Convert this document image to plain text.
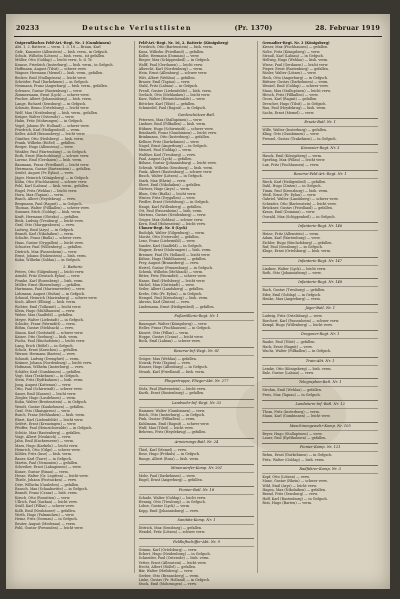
20233	Deutsche Verlustlisten	(Pr. 1370)	28. Februar 1919
Ostpreußisches Feld-Art.-Regt. Nr. 1 (Gumbinnen)
Abt. 1, 2. Batterie — verm. 1. 3. 18 — Braun, Karl
Gefr., Kanonier (Allenstein) — bish. verm., in Gefgsch.
Schulz, Wilhelm (Lötzen) — bish. verm., ist gefallen.
Müller, Otto (Goldap) — leicht verw., b. d. Tr.
Krause, Friedrich (Insterburg) — bish. verm., in Gefgsch.
Hoffmann, August (Tilsit) — schwer verw.
Wagner, Hermann (Memel) — bish. verm., gefallen.
Becker, Emil (Stallupönen) — leicht verw.
Schröder, Paul (Darkehmen) — in Gefgsch.
Neumann, Franz (Angerburg) — bish. verm., gefallen.
Schwarz, Gustav (Rastenburg) — verw.
Zimmermann, Ernst (Lyck) — schwer verw.
Fischer, Albert (Johannisburg) — bish. verm.
Lange, Richard (Sensburg) — in Gefgsch.
Schmitz, Bruno (Ortelsburg) — leicht verw.
Wolf, Max (Neidenburg) — bish. verm., gefallen.
Krüger, Walter (Osterode) — verw.
Hahn, Fritz (Mohrungen) — in Gefgsch.
Vogel, Johann (Pr. Holland) — schwer verw.
Friedrich, Karl (Heiligenbeil) — verm.
Keller, Adolf (Braunsberg) — leicht verw.
Günther, Otto (Heilsberg) — bish. verm.
Frank, Wilhelm (Rößel) — gefallen.
Berger, Hugo (Allenstein) — verw.
Winkler, Paul (Wartenburg) — in Gefgsch.
Roth, Ernst (Bischofsburg) — schwer verw.
Lorenz, Emil (Gerdauen) — bish. verm.
Baumann, Franz (Friedland) — leicht verw.
Herrmann, Gustav (Bartenstein) — gefallen.
Seidel, August (Pr. Eylau) — verw.
Jäger, Heinrich (Königsberg) — in Gefgsch.
Kühn, Otto (Fischhausen) — schwer verw.
Pohl, Karl (Labiau) — bish. verm., gefallen.
Engel, Fritz (Wehlau) — leicht verw.
Horn, Max (Tapiau) — verm.
Busch, Albert (Heydekrug) — verw.
Bergmann, Paul (Ragnit) — in Gefgsch.
Thomas, Walter (Pillkallen) — schwer verw.
Sommer, Erich (Goldap) — bish. verm.
Kraft, Hermann (Oletzko) — gefallen.
Beck, Ludwig (Treuburg) — leicht verw.
Graf, Otto (Marggrabowa) — verw.
Ludwig, Emil (Arys) — in Gefgsch.
Brandt, Karl (Nikolaiken) — verm.
Schulte, Franz (Bialla) — schwer verw.
Haas, Gustav (Drygallen) — leicht verw.
Schuster, Paul (Willenberg) — gefallen.
Dietrich, Max (Passenheim) — verw.
Ernst, Johann (Hohenstein) — bish. verm.
Kuhn, Wilhelm (Soldau) — in Gefgsch.
2. Batterie
Peters, Otto (Gilgenburg) — leicht verw.
Arnold, Fritz (Deutsch Eylau) — verw.
Franke, Karl (Rosenberg) — bish. verm.
Möller, Ernst (Riesenburg) — gefallen.
Hartmann, Paul (Marienwerder) — verw.
Lehmann, August (Stuhm) — in Gefgsch.
Schmid, Heinrich (Marienburg) — schwer verw.
Koch, Albert (Elbing) — bish. verm.
Richter, Emil (Tolkemit) — leicht verw.
Klein, Hugo (Mühlhausen) — verw.
Weber, Max (Saalfeld) — gefallen.
Meyer, Walter (Liebstadt) — in Gefgsch.
Schulze, Franz (Wormditt) — verm.
Böhm, Gustav (Mehlsack) — verw.
Simon, Karl (Guttstadt) — schwer verw.
Kaiser, Otto (Seeburg) — bish. verm.
Fuchs, Paul (Bischofstein) — leicht verw.
Lang, Erich (Rößel) — in Gefgsch.
Scholz, Ernst (Korschen) — gefallen.
Werner, Hermann (Barten) — verw.
Schmitt, Ludwig (Drengfurt) — verm.
Krämer, Johann (Nordenburg) — leicht verw.
Hofmann, Wilhelm (Insterburg) — verw.
Schäfer, Karl (Gumbinnen) — gefallen.
Vogt, Max (Trakehnen) — in Gefgsch.
Stein, Fritz (Eydtkuhnen) — bish. verm.
Jung, August (Kattenau) — verw.
Otto, Paul (Schirwindt) — schwer verw.
Sauer, Emil (Kussen) — leicht verw.
Ziegler, Hugo (Lasdehnen) — verm.
Kuhn, Walter (Breitenstein) — in Gefgsch.
Wendt, Gustav (Kaukehmen) — gefallen.
Graf, Otto (Skaisgirren) — verw.
Busch, Franz (Mehlauken) — bish. verm.
Ebert, Karl (Liebenfelde) — leicht verw.
Seifert, Ernst (Kreuzingen) — verw.
Pfeiffer, Paul (Heinrichswalde) — in Gefgsch.
Schütz, Max (Rautenberg) — gefallen.
Voigt, Albert (Neukirch) — verw.
Jahn, Emil (Kuckerneese) — verm.
Marx, Hugo (Karkeln) — leicht verw.
Heinrich, Otto (Gilge) — schwer verw.
Köhler, Fritz (Inse) — bish. verm.
Bauer, Karl (Tawe) — in Gefgsch.
Martin, Paul (Nemonien) — gefallen.
Schreiber, Ernst (Labagienen) — verw.
Kunze, Gustav (Rinau) — verm.
Hesse, Walter (Gr. Legitten) — leicht verw.
Thiele, Johann (Postnicken) — verw.
Dörr, Wilhelm (Gauleden) — gefallen.
Rausch, Max (Schaaksvitte) — in Gefgsch.
Brandt, Franz (Cranz) — bish. verm.
Kirsch, Otto (Rossitten) — verw.
Ullrich, Paul (Sarkau) — leicht verw.
Seidl, Karl (Pillau) — schwer verw.
Kolb, Emil (Neuhäuser) — gefallen.
Wirth, Hugo (Palmnicken) — verw.
Heinz, Fritz (Germau) — in Gefgsch.
Reuter, August (Medenau) — verm.
Pohl, Gustav (Powunden) — leicht verw.
Feld-Art.-Regt. Nr. 16, 2. Batterie (Königsberg)
Friedrich, Otto (Bartenstein) — bish. verm.
Kunz, Wilhelm (Friedland) — gefallen.
Kolbe, Hermann (Domnau) — verw.
Rieger, Max (Schippenbeil) — in Gefgsch.
Wolff, Paul (Gerdauen) — leicht verw.
Albrecht, Karl (Nordenburg) — verm.
Hein, Ernst (Allenburg) — schwer verw.
Witt, Albert (Wehlau) — gefallen.
Brauer, Emil (Tapiau) — verw.
Stahl, Fritz (Labiau) — in Gefgsch.
Preuß, Gustav (Liebenfelde) — bish. verm.
Gerlach, Otto (Mehlauken) — leicht verw.
Kurz, Walter (Heinrichswalde) — verw.
Böttcher, Karl (Tilsit) — gefallen.
Schmiedel, Paul (Ragnit) — in Gefgsch.
Gardeschützen-Batl.
Petersen, Max (Stallupönen) — verw.
Lindner, Emil (Pillkallen) — bish. verm.
Hübner, Hugo (Schirwindt) — schwer verw.
Reinhardt, Franz (Gumbinnen) — leicht verw.
Brinkmann, Otto (Insterburg) — gefallen.
Kellner, Fritz (Darkehmen) — verw.
Nagel, Ernst (Angerburg) — in Gefgsch.
Menzel, Paul (Goldap) — verm.
Walther, Karl (Treuburg) — verw.
Paul, August (Lyck) — gefallen.
Böhme, Gustav (Johannisburg) — leicht verw.
Schwab, Wilhelm (Sensburg) — bish. verm.
Funk, Albert (Rastenburg) — schwer verw.
Busch, Walter (Lötzen) — in Gefgsch.
Stark, Max (Rhein) — verw.
Ebert, Emil (Nikolaiken) — gefallen.
Gärtner, Hugo (Arys) — verm.
Blum, Otto (Bialla) — leicht verw.
Winter, Fritz (Drygallen) — verw.
Fiedler, Ernst (Ortelsburg) — in Gefgsch.
Haupt, Karl (Willenberg) — gefallen.
Ott, Paul (Passenheim) — bish. verm.
Mertens, Gustav (Neidenburg) — verw.
Geiger, Max (Soldau) — schwer verw.
Kern, Emil (Hohenstein) — leicht verw.
Ulanen-Regt. Nr. 8 (Lyck)
Rudolph, Walter (Gilgenburg) — verm.
Moritz, Otto (Osterode) — gefallen.
Lenz, Franz (Liebemühl) — verw.
Sander, Karl (Saalfeld) — in Gefgsch.
Wagner, Ernst (Mohrungen) — bish. verm.
Brenner, Paul (Pr. Holland) — leicht verw.
Kühne, Hugo (Mühlhausen) — gefallen.
Frey, August (Braunsberg) — verw.
Hertel, Gustav (Frauenburg) — in Gefgsch.
Schenk, Wilhelm (Mehlsack) — verm.
Ritter, Fritz (Wormditt) — schwer verw.
Haase, Emil (Heilsberg) — leicht verw.
Michel, Max (Guttstadt) — verw.
Seiler, Albert (Landsberg) — gefallen.
Krebs, Otto (Pr. Eylau) — in Gefgsch.
Hempel, Paul (Kreuzburg) — bish. verm.
Ahrens, Karl (Zinten) — verw.
Lindemann, Ernst (Heiligenbeil) — gefallen.
Fußartillerie-Regt. Nr. 1
Baumgart, Walter (Königsberg) — verw.
Heller, Franz (Fischhausen) — in Gefgsch.
Kunert, Otto (Pillau) — verm.
Hoppe, Gustav (Cranz) — leicht verw.
Bock, Emil (Labiau) — schwer verw.
Reserve-Inf.-Regt. Nr. 81
Gröger, Max (Wehlau) — gefallen.
Nowak, Fritz (Tapiau) — verw.
Hauser, Hugo (Allenburg) — in Gefgsch.
Straub, Karl (Friedland) — bish. verm.
Fliegertruppe, Flieger-Abt. Nr. 277
Stolz, Paul (Bartenstein) — leicht verw.
Kurth, Ernst (Rastenburg) — gefallen.
Landwehr-Inf.-Regt. Nr. 33
Hammer, Walter (Gumbinnen) — verw.
Reich, Otto (Insterburg) — in Gefgsch.
Fink, Gustav (Pillkallen) — verm.
Kuhlmann, Emil (Ragnit) — schwer verw.
Wulf, Max (Tilsit) — leicht verw.
Behrens, Fritz (Heydekrug) — gefallen.
Armierungs-Batl. Nr. 24
Thiel, Karl (Memel) — verw.
Rose, Hugo (Prökuls) — in Gefgsch.
Runge, Albert (Russ) — bish. verm.
Minenwerfer-Komp. Nr. 201
Mohr, Paul (Darkehmen) — verw.
Engel, Ernst (Angerburg) — gefallen.
Pionier-Batl. Nr. 18
Schade, Walter (Goldap) — leicht verw.
Hennig, Otto (Treuburg) — in Gefgsch.
Lohse, Gustav (Lyck) — verm.
Kopp, Emil (Johannisburg) — verw.
Sanitäts-Komp. Nr. 1
Dittrich, Max (Sensburg) — gefallen.
Wendel, Fritz (Lötzen) — schwer verw.
Feldluftschiffer-Abt. Nr. 9
Grimm, Karl (Ortelsburg) — verw.
Eckert, Hugo (Neidenburg) — in Gefgsch.
Schneider, Paul (Osterode) — bish. verm.
Vetter, Ernst (Allenstein) — leicht verw.
Hecht, Albert (Rößel) — gefallen.
Bär, Walter (Heilsberg) — verw.
Gerber, Otto (Braunsberg) — verm.
Linke, Gustav (Pr. Holland) — in Gefgsch.
Stock, Emil (Mohrungen) — verw.
Grenadier-Regt. Nr. 3 (Königsberg)
Kieser, Max (Fischhausen) — gefallen.
Nolte, Fritz (Königsberg) — verw.
Strauß, Karl (Labiau) — in Gefgsch.
Hellwig, Hugo (Wehlau) — bish. verm.
Wiese, Paul (Gerdauen) — leicht verw.
Pieper, Ernst (Rastenburg) — gefallen.
Rösler, Walter (Lötzen) — verw.
Heck, Otto (Angerburg) — in Gefgsch.
Büttner, Gustav (Darkehmen) — verm.
Wenzel, Emil (Goldap) — schwer verw.
Maas, Max (Stallupönen) — leicht verw.
Hirsch, Fritz (Pillkallen) — verw.
Gross, Karl (Ragnit) — gefallen.
Drescher, Hugo (Tilsit) — in Gefgsch.
Rau, Paul (Heydekrug) — bish. verm.
Sachs, Ernst (Memel) — verw.
Ersatz-Batl. Nr. 1
Wille, Walter (Insterburg) — gefallen.
Kling, Otto (Gumbinnen) — verw.
Frenzel, Gustav (Trakehnen) — in Gefgsch.
Kürassier-Regt. Nr. 3
Hauck, Emil (Königsberg) — verm.
Sperling, Max (Pillau) — leicht verw.
Lux, Fritz (Fischhausen) — verw.
Reserve-Feld-Art.-Regt. Nr. 1
Rieck, Karl (Heiligenbeil) — gefallen.
Dahl, Hugo (Zinten) — in Gefgsch.
Timm, Paul (Kreuzburg) — bish. verm.
Weiß, Ernst (Pr. Eylau) — verw.
Gabriel, Walter (Landsberg) — schwer verw.
Schrader, Otto (Bartenstein) — leicht verw.
Brückner, Gustav (Friedland) — gefallen.
Kraus, Emil (Domnau) — verw.
Oswald, Max (Schippenbeil) — in Gefgsch.
Infanterie-Regt. Nr. 146
Heine, Fritz (Allenstein) — verm.
Adam, Karl (Wartenburg) — verw.
Eichler, Hugo (Bischofsburg) — gefallen.
Ruf, Paul (Sensburg) — in Gefgsch.
Kluge, Ernst (Ortelsburg) — bish. verm.
Infanterie-Regt. Nr. 147
Lindner, Walter (Lyck) — leicht verw.
Roth, Otto (Johannisburg) — verw.
Infanterie-Regt. Nr. 148
Bach, Gustav (Treuburg) — gefallen.
Eder, Emil (Goldap) — in Gefgsch.
Henke, Max (Angerburg) — verm.
Jäger-Batl. Nr. 1
Ludwig, Fritz (Ortelsburg) — verw.
Borchert, Karl (Passenheim) — schwer verw.
Kempf, Hugo (Willenberg) — leicht verw.
Dragoner-Regt. Nr. 1
Raabe, Paul (Tilsit) — gefallen.
Hack, Ernst (Ragnit) — verw.
Wachs, Walter (Pillkallen) — in Gefgsch.
Train-Abt. Nr. 1
Lemke, Otto (Königsberg) — bish. verm.
Balz, Gustav (Labiau) — verw.
Telegraphen-Batl. Nr. 1
Strohm, Emil (Wehlau) — gefallen.
Preis, Max (Tapiau) — in Gefgsch.
Landsturm-Inf.-Batl. Nr. 12
Thom, Fritz (Insterburg) — verm.
Mann, Karl (Gumbinnen) — leicht verw.
Maschinengewehr-Komp. Nr. 105
Beyer, Hugo (Stallupönen) — verw.
Lauer, Paul (Eydtkuhnen) — gefallen.
Pionier-Komp. Nr. 121
Rehm, Ernst (Darkehmen) — in Gefgsch.
Fritz, Walter (Goldap) — bish. verm.
Radfahrer-Komp. Nr. 3
Kopf, Otto (Lötzen) — verw.
Manz, Gustav (Rhein) — schwer verw.
Wild, Emil (Arys) — leicht verw.
Hagen, Max (Nikolaiken) — gefallen.
Brand, Fritz (Sensburg) — verw.
Hoff, Karl (Rastenburg) — in Gefgsch.
Reis, Hugo (Barten) — verm.
